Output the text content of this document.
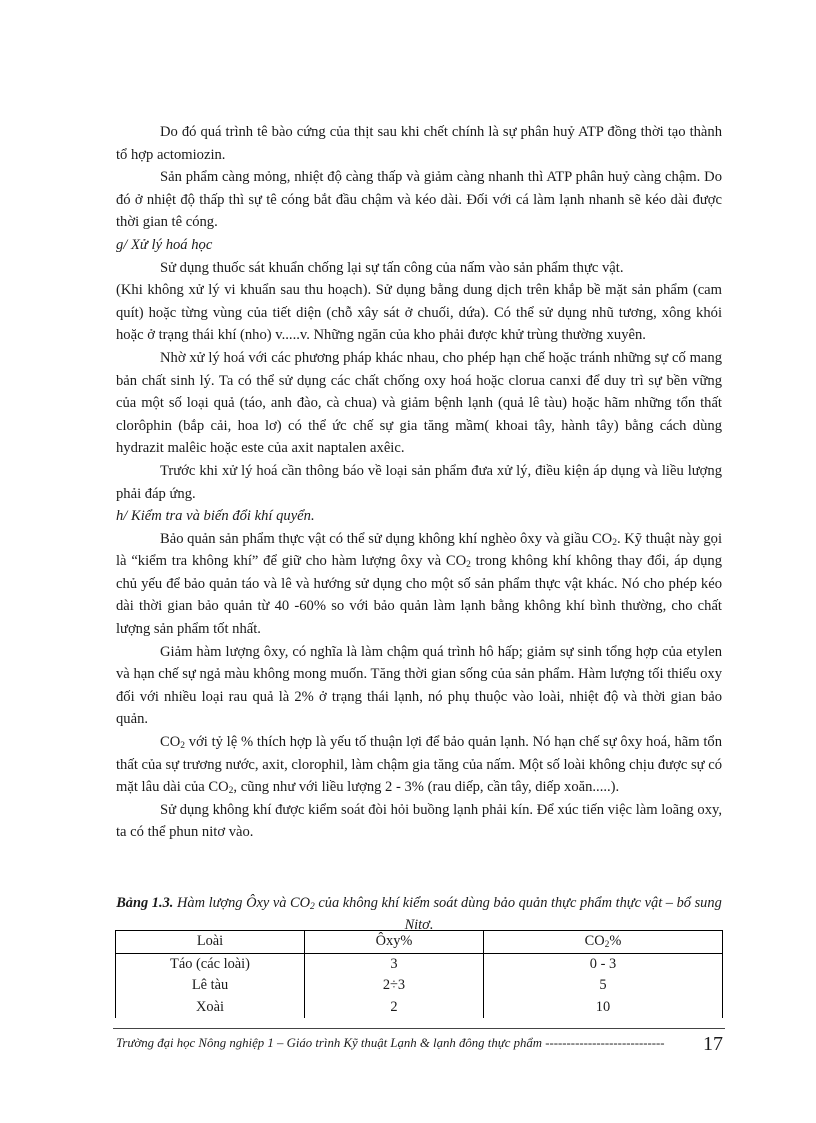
Do đó quá trình tê bào cứng của thịt sau khi chết chính là sự phân huỷ ATP đồng thời tạo thành tổ hợp actomiozin.

Sản phẩm càng mỏng, nhiệt độ càng thấp và giảm càng nhanh thì ATP phân huỷ càng chậm. Do đó ở nhiệt độ thấp thì sự tê cóng bắt đầu chậm và kéo dài. Đối với cá làm lạnh nhanh sẽ kéo dài được thời gian tê cóng.

g/ Xử lý hoá học

Sử dụng thuốc sát khuẩn chống lại sự tấn công của nấm vào sản phẩm thực vật.

(Khi không xử lý vi khuẩn sau thu hoạch). Sử dụng bằng dung dịch trên khắp bề mặt sản phẩm (cam quít) hoặc từng vùng của tiết diện (chỗ xây sát ở chuối, dứa). Có thể sử dụng nhũ tương, xông khói hoặc ở trạng thái khí (nho) v.....v. Những ngăn của kho phải được khử trùng thường xuyên.

Nhờ xử lý hoá với các phương pháp khác nhau, cho phép hạn chế hoặc tránh những sự cố mang bản chất sinh lý. Ta có thể sử dụng các chất chống oxy hoá hoặc clorua canxi để duy trì sự bền vững của một số loại quả (táo, anh đào, cà chua) và giảm bệnh lạnh (quả lê tàu) hoặc hãm những tổn thất clorôphin (bắp cải, hoa lơ) có thể ức chế sự gia tăng mầm( khoai tây, hành tây) bằng cách dùng hydrazit malêic hoặc este của axit naptalen axêic.

Trước khi xử lý hoá cần thông báo về loại sản phẩm đưa xử lý, điều kiện áp dụng và liều lượng phải đáp ứng.

h/ Kiểm tra và biến đổi khí quyển.

Bảo quản sản phẩm thực vật có thể sử dụng không khí nghèo ôxy và giầu $CO_2$. Kỹ thuật này gọi là “kiểm tra không khí” để giữ cho hàm lượng ôxy và $CO_2$ trong không khí không thay đổi, áp dụng chủ yếu để bảo quản táo và lê và hướng sử dụng cho một số sản phẩm thực vật khác. Nó cho phép kéo dài thời gian bảo quản từ 40 -60% so với bảo quản làm lạnh bằng không khí bình thường, cho chất lượng sản phẩm tốt nhất.

Giảm hàm lượng ôxy, có nghĩa là làm chậm quá trình hô hấp; giảm sự sinh tổng hợp của etylen và hạn chế sự ngả màu không mong muốn. Tăng thời gian sống của sản phẩm. Hàm lượng tối thiểu oxy đối với nhiều loại rau quả là 2% ở trạng thái lạnh, nó phụ thuộc vào loài, nhiệt độ và thời gian bảo quản.

$CO_2$ với tỷ lệ % thích hợp là yếu tố thuận lợi để bảo quản lạnh. Nó hạn chế sự ôxy hoá, hãm tổn thất của sự trương nước, axit, clorophil, làm chậm gia tăng của nấm. Một số loài không chịu được sự có mặt lâu dài của $CO_2$, cũng như với liều lượng 2 - 3% (rau diếp, cần tây, diếp xoăn.....).

Sử dụng không khí được kiểm soát đòi hỏi buồng lạnh phải kín. Để xúc tiến việc làm loãng oxy, ta có thể phun nitơ vào.

Bảng 1.3. Hàm lượng Ôxy và $CO_2$ của không khí kiểm soát dùng bảo quản thực phẩm thực vật – bổ sung Nitơ.

Loài	Ôxy%	$CO_2\%$
Táo (các loài)	3	0 - 3
Lê tàu	2÷3	5
Xoài	2	10
Trường đại học Nông nghiệp 1 – Giáo trình Kỹ thuật Lạnh & lạnh đông thực phẩm ----------------------------	17
